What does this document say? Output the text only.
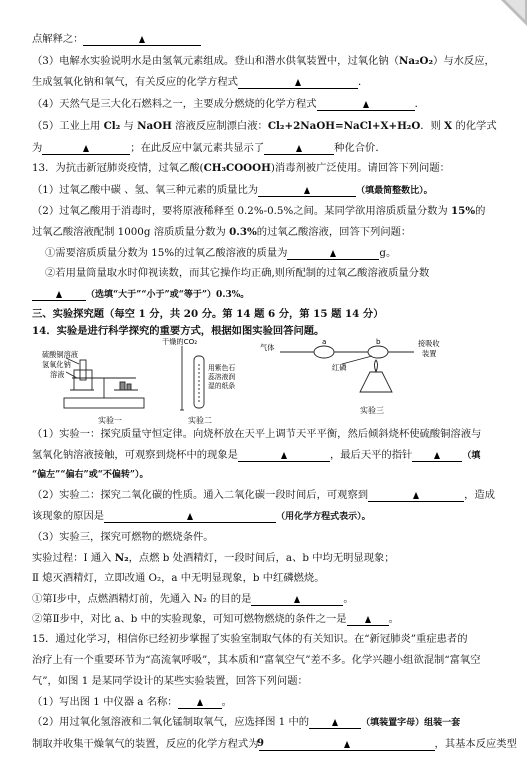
点解释之：
（3）电解水实验说明水是由氢氧元素组成。登山和潜水供氧装置中，过氧化钠（Na₂O₂）与水反应，
生成氢氧化钠和氧气，有关反应的化学方程式	．
（4）天然气是三大化石燃料之一，主要成分燃烧的化学方程式	．
（5）工业上用 Cl₂ 与 NaOH 溶液反应制漂白液：Cl₂+2NaOH=NaCl+X+H₂O．则 X 的化学式
为	；在此反应中氯元素共显示了	种化合价．
13．为抗击新冠肺炎疫情，过氧乙酸(CH₃COOOH)消毒剂被广泛使用。请回答下列问题：
（1）过氧乙酸中碳 、氢、氧三种元素的质量比为	（填最简整数比）。
（2）过氧乙酸用于消毒时，要将原液稀释至 0.2%-0.5%之间。某同学欲用溶质质量分数为 15%的
过氧乙酸溶液配制 1000g 溶质质量分数为 0.3%的过氧乙酸溶液，回答下列问题：
①需要溶质质量分数为 15%的过氧乙酸溶液的质量为	g。
②若用量筒量取水时仰视读数，而其它操作均正确,则所配制的过氧乙酸溶液质量分数
（选填“大于”“小于”或“等于”）0.3%。
三、实验探究题（每空 1 分，共 20 分。第 14 题 6 分，第 15 题 14 分）
14．实验是进行科学探究的重要方式，根据如图实验回答问题。
硫酸铜溶液
氢氧化钠
溶液
实验一
干燥的CO₂
用紫色石
蕊溶液润
湿的纸条
实验二
气体
a	b
红磷
接吸收
装置
实验三
（1）实验一：探究质量守恒定律。向烧杯放在天平上调节天平平衡，然后倾斜烧杯使硫酸铜溶液与
氢氧化钠溶液接触，可观察到烧杯中的现象是	，最后天平的指针	（填
“偏左”“偏右”或“不偏转”）。
（2）实验二：探究二氧化碳的性质。通入二氧化碳一段时间后，可观察到	，造成
该现象的原因是	（用化学方程式表示）。
（3）实验三，探究可燃物的燃烧条件。
实验过程：Ⅰ 通入 N₂，点燃 b 处酒精灯，一段时间后，a、b 中均无明显现象；
Ⅱ 熄灭酒精灯，立即改通 O₂，a 中无明显现象，b 中红磷燃烧。
①第Ⅰ步中，点燃酒精灯前，先通入 N₂ 的目的是	。
②第Ⅱ步中，对比 a、b 中的实验现象，可知可燃物燃烧的条件之一是	。
15．通过化学习，相信你已经初步掌握了实验室制取气体的有关知识。在“新冠肺炎”重症患者的
治疗上有一个重要环节为“高流氧呼吸”，其本质和“富氧空气”差不多。化学兴趣小组欲混制“富氧空
气”，如图 1 是某同学设计的某些实验装置，回答下列问题：
（1）写出图 1 中仪器 a 名称：	。
（2）用过氧化氢溶液和二氧化锰制取氧气，应选择图 1 中的	（填装置字母）组装一套
制取并收集干燥氧气的装置，反应的化学方程式为	，其基本反应类型
9
